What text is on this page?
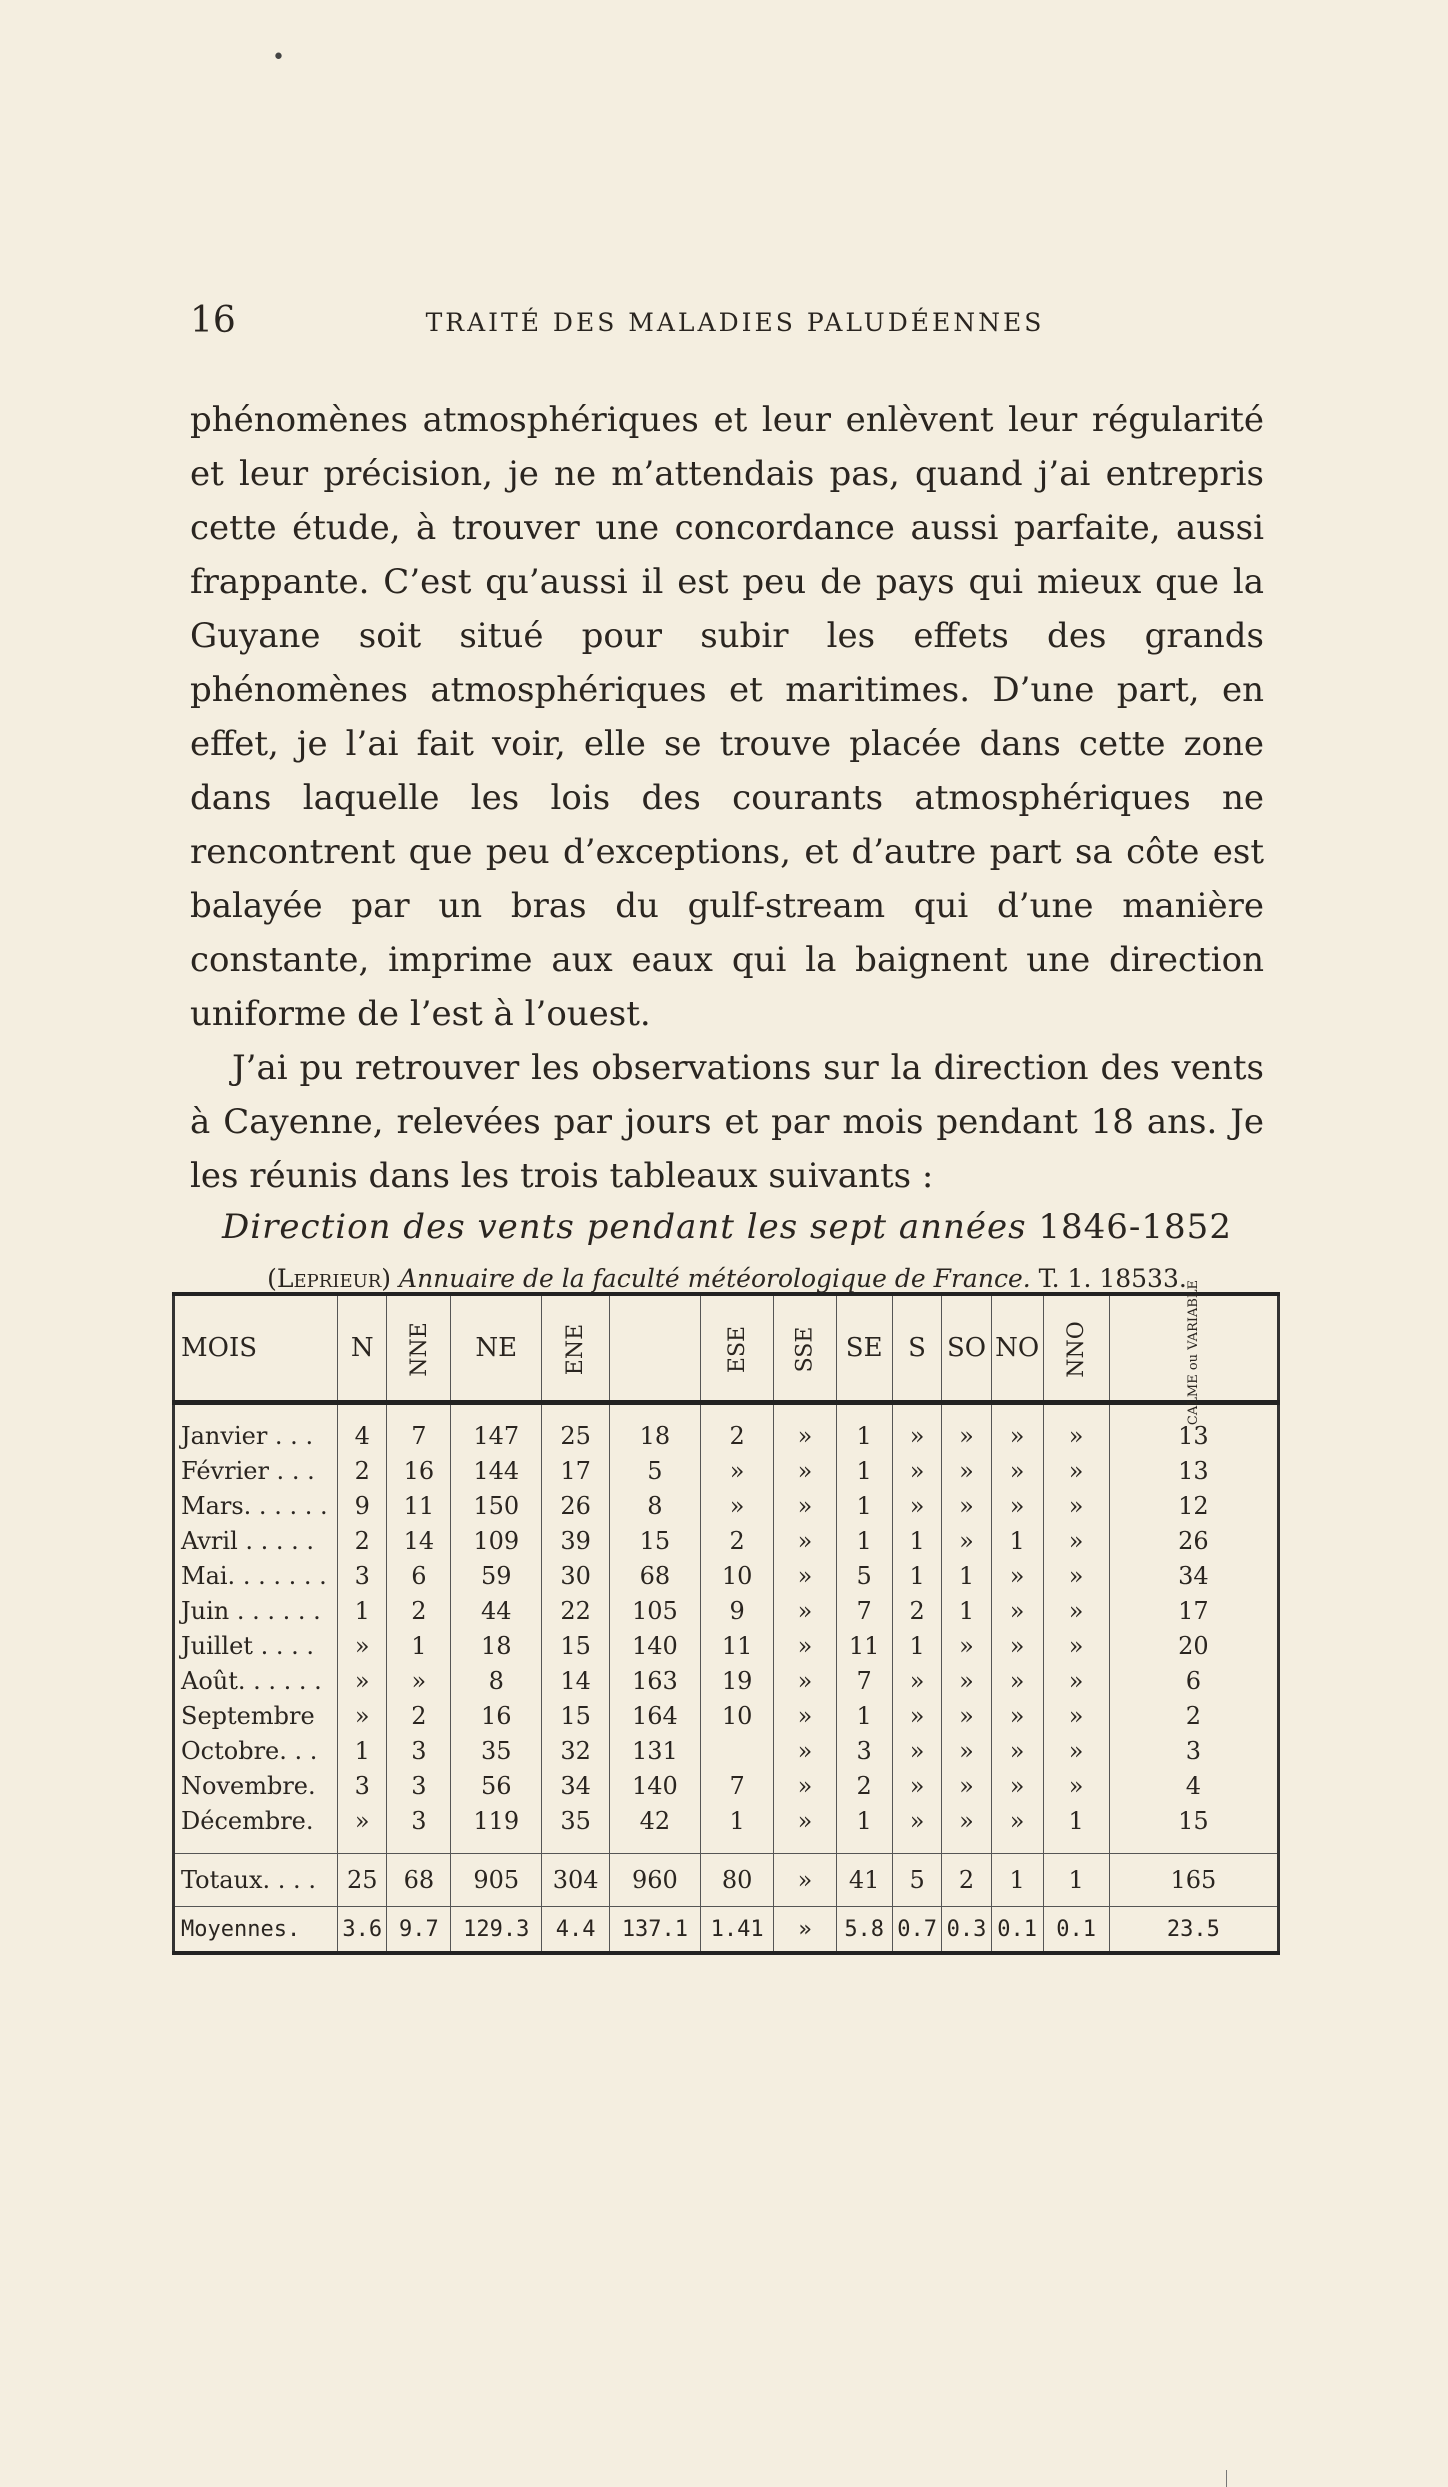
•
16	TRAITÉ DES MALADIES PALUDÉENNES

phénomènes atmosphériques et leur enlèvent leur régularité et leur précision, je ne m’attendais pas, quand j’ai entrepris cette étude, à trouver une concordance aussi parfaite, aussi frappante. C’est qu’aussi il est peu de pays qui mieux que la Guyane soit situé pour subir les effets des grands phénomènes atmosphériques et maritimes. D’une part, en effet, je l’ai fait voir, elle se trouve placée dans cette zone dans laquelle les lois des courants atmosphériques ne rencontrent que peu d’exceptions, et d’autre part sa côte est balayée par un bras du gulf-stream qui d’une manière constante, imprime aux eaux qui la baignent une direction uniforme de l’est à l’ouest.

J’ai pu retrouver les observations sur la direction des vents à Cayenne, relevées par jours et par mois pendant 18 ans. Je les réunis dans les trois tableaux suivants :

Direction des vents pendant les sept années 1846-1852
(Leprieur) Annuaire de la faculté météorologique de France. T. 1. 18533.
MOIS	N	NNE	NE	ENE		ESE	SSE	SE	S	SO	NO	NNO	CALME ou VARIABLE

Janvier . . .	4	7	147	25	18	2	»	1	»	»	»	»	13
Février . . .	2	16	144	17	5	»	»	1	»	»	»	»	13
Mars. . . . . .	9	11	150	26	8	»	»	1	»	»	»	»	12
Avril . . . . .	2	14	109	39	15	2	»	1	1	»	1	»	26
Mai. . . . . . .	3	6	59	30	68	10	»	5	1	1	»	»	34
Juin . . . . . .	1	2	44	22	105	9	»	7	2	1	»	»	17
Juillet . . . .	»	1	18	15	140	11	»	11	1	»	»	»	20
Août. . . . . .	»	»	8	14	163	19	»	7	»	»	»	»	6
Septembre	»	2	16	15	164	10	»	1	»	»	»	»	2
Octobre. . .	1	3	35	32	131		»	3	»	»	»	»	3
Novembre.	3	3	56	34	140	7	»	2	»	»	»	»	4
Décembre.	»	3	119	35	42	1	»	1	»	»	»	1	15

Totaux. . . .	25	68	905	304	960	80	»	41	5	2	1	1	165
Moyennes.	3.6	9.7	129.3	4.4	137.1	1.41	»	5.8	0.7	0.3	0.1	0.1	23.5
